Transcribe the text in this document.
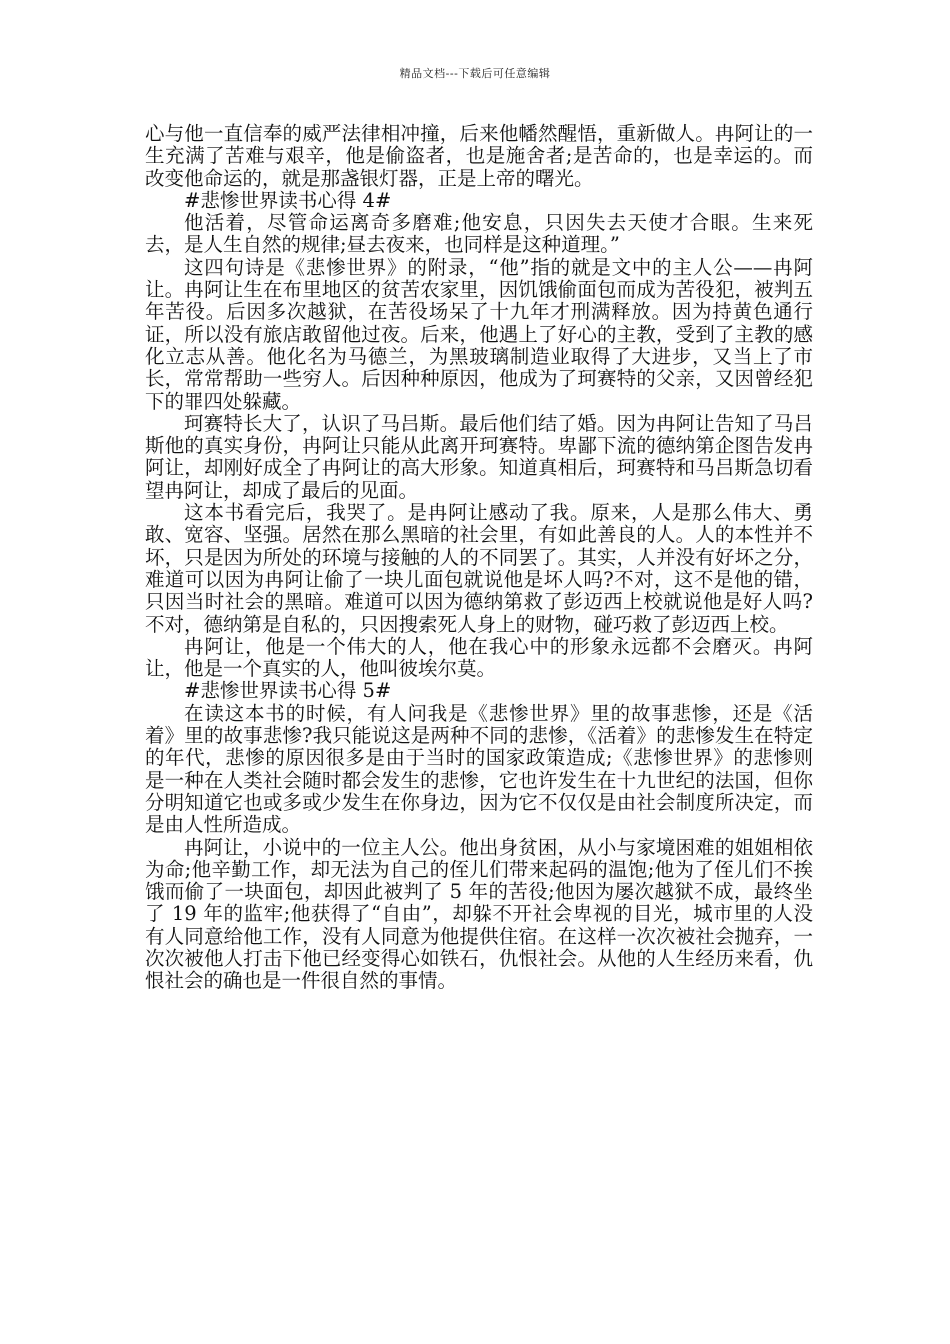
精品文档---下载后可任意编辑

心与他一直信奉的威严法律相冲撞，后来他幡然醒悟，重新做人。冉阿让的一生充满了苦难与艰辛，他是偷盗者，也是施舍者;是苦命的，也是幸运的。而改变他命运的，就是那盏银灯器，正是上帝的曙光。

#悲惨世界读书心得 4#

他活着，尽管命运离奇多磨难;他安息，只因失去天使才合眼。生来死去，是人生自然的规律;昼去夜来，也同样是这种道理。”

这四句诗是《悲惨世界》的附录，“他”指的就是文中的主人公——冉阿让。冉阿让生在布里地区的贫苦农家里，因饥饿偷面包而成为苦役犯，被判五年苦役。后因多次越狱，在苦役场呆了十九年才刑满释放。因为持黄色通行证，所以没有旅店敢留他过夜。后来，他遇上了好心的主教，受到了主教的感化立志从善。他化名为马德兰，为黑玻璃制造业取得了大进步，又当上了市长，常常帮助一些穷人。后因种种原因，他成为了珂赛特的父亲，又因曾经犯下的罪四处躲藏。

珂赛特长大了，认识了马吕斯。最后他们结了婚。因为冉阿让告知了马吕斯他的真实身份，冉阿让只能从此离开珂赛特。卑鄙下流的德纳第企图告发冉阿让，却刚好成全了冉阿让的高大形象。知道真相后，珂赛特和马吕斯急切看望冉阿让，却成了最后的见面。

这本书看完后，我哭了。是冉阿让感动了我。原来，人是那么伟大、勇敢、宽容、坚强。居然在那么黑暗的社会里，有如此善良的人。人的本性并不坏，只是因为所处的环境与接触的人的不同罢了。其实，人并没有好坏之分，难道可以因为冉阿让偷了一块儿面包就说他是坏人吗?不对，这不是他的错，只因当时社会的黑暗。难道可以因为德纳第救了彭迈西上校就说他是好人吗?不对，德纳第是自私的，只因搜索死人身上的财物，碰巧救了彭迈西上校。

冉阿让，他是一个伟大的人，他在我心中的形象永远都不会磨灭。冉阿让，他是一个真实的人，他叫彼埃尔莫。

#悲惨世界读书心得 5#

在读这本书的时候，有人问我是《悲惨世界》里的故事悲惨，还是《活着》里的故事悲惨?我只能说这是两种不同的悲惨，《活着》的悲惨发生在特定的年代，悲惨的原因很多是由于当时的国家政策造成;《悲惨世界》的悲惨则是一种在人类社会随时都会发生的悲惨，它也许发生在十九世纪的法国，但你分明知道它也或多或少发生在你身边，因为它不仅仅是由社会制度所决定，而是由人性所造成。

冉阿让，小说中的一位主人公。他出身贫困，从小与家境困难的姐姐相依为命;他辛勤工作，却无法为自己的侄儿们带来起码的温饱;他为了侄儿们不挨饿而偷了一块面包，却因此被判了 5 年的苦役;他因为屡次越狱不成，最终坐了 19 年的监牢;他获得了“自由”，却躲不开社会卑视的目光，城市里的人没有人同意给他工作，没有人同意为他提供住宿。在这样一次次被社会抛弃，一次次被他人打击下他已经变得心如铁石，仇恨社会。从他的人生经历来看，仇恨社会的确也是一件很自然的事情。
